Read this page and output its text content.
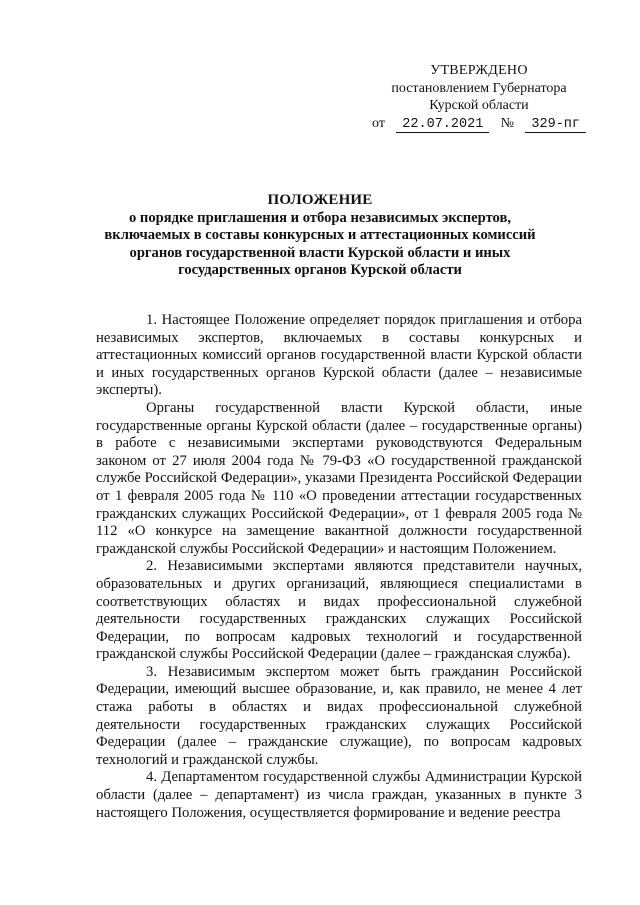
УТВЕРЖДЕНО
постановлением Губернатора
Курской области
от	22.07.2021	№	329-пг
ПОЛОЖЕНИЕ
о порядке приглашения и отбора независимых экспертов, включаемых в составы конкурсных и аттестационных комиссий органов государственной власти Курской области и иных государственных органов Курской области

1. Настоящее Положение определяет порядок приглашения и отбора независимых экспертов, включаемых в составы конкурсных и аттестационных комиссий органов государственной власти Курской области и иных государственных органов Курской области (далее – независимые эксперты).

Органы государственной власти Курской области, иные государственные органы Курской области (далее – государственные органы) в работе с независимыми экспертами руководствуются Федеральным законом от 27 июля 2004 года № 79-ФЗ «О государственной гражданской службе Российской Федерации», указами Президента Российской Федерации от 1 февраля 2005 года № 110 «О проведении аттестации государственных гражданских служащих Российской Федерации», от 1 февраля 2005 года № 112 «О конкурсе на замещение вакантной должности государственной гражданской службы Российской Федерации» и настоящим Положением.

2. Независимыми экспертами являются представители научных, образовательных и других организаций, являющиеся специалистами в соответствующих областях и видах профессиональной служебной деятельности государственных гражданских служащих Российской Федерации, по вопросам кадровых технологий и государственной гражданской службы Российской Федерации (далее – гражданская служба).

3. Независимым экспертом может быть гражданин Российской Федерации, имеющий высшее образование, и, как правило, не менее 4 лет стажа работы в областях и видах профессиональной служебной деятельности государственных гражданских служащих Российской Федерации (далее – гражданские служащие), по вопросам кадровых технологий и гражданской службы.

4. Департаментом государственной службы Администрации Курской области (далее – департамент) из числа граждан, указанных в пункте 3 настоящего Положения, осуществляется формирование и ведение реестра
